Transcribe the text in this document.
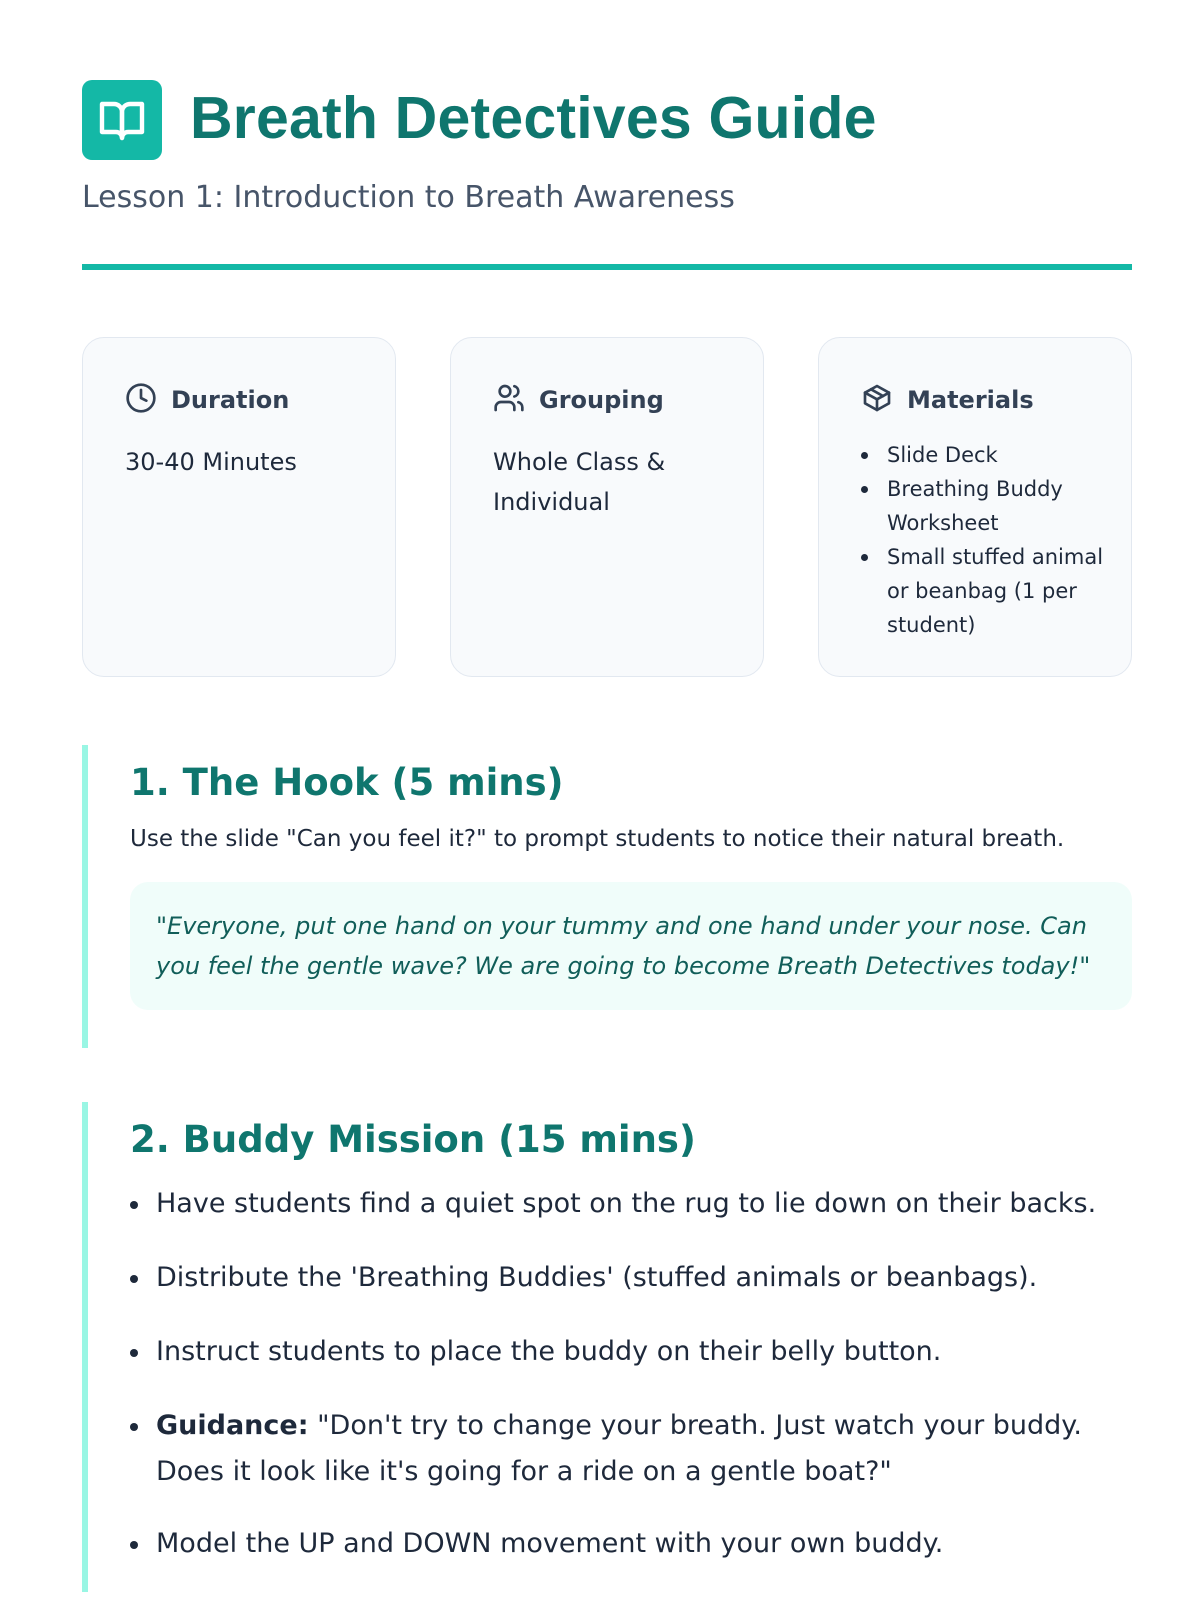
Breath Detectives Guide
Lesson 1: Introduction to Breath Awareness
Duration
30-40 Minutes
Grouping
Whole Class & Individual
Materials
Slide Deck
Breathing Buddy Worksheet
Small stuffed animal or beanbag (1 per student)
1. The Hook (5 mins)

Use the slide "Can you feel it?" to prompt students to notice their natural breath.

"Everyone, put one hand on your tummy and one hand under your nose. Can you feel the gentle wave? We are going to become Breath Detectives today!"
2. Buddy Mission (15 mins)
Have students find a quiet spot on the rug to lie down on their backs.
Distribute the 'Breathing Buddies' (stuffed animals or beanbags).
Instruct students to place the buddy on their belly button.
Guidance: "Don't try to change your breath. Just watch your buddy. Does it look like it's going for a ride on a gentle boat?"
Model the UP and DOWN movement with your own buddy.
